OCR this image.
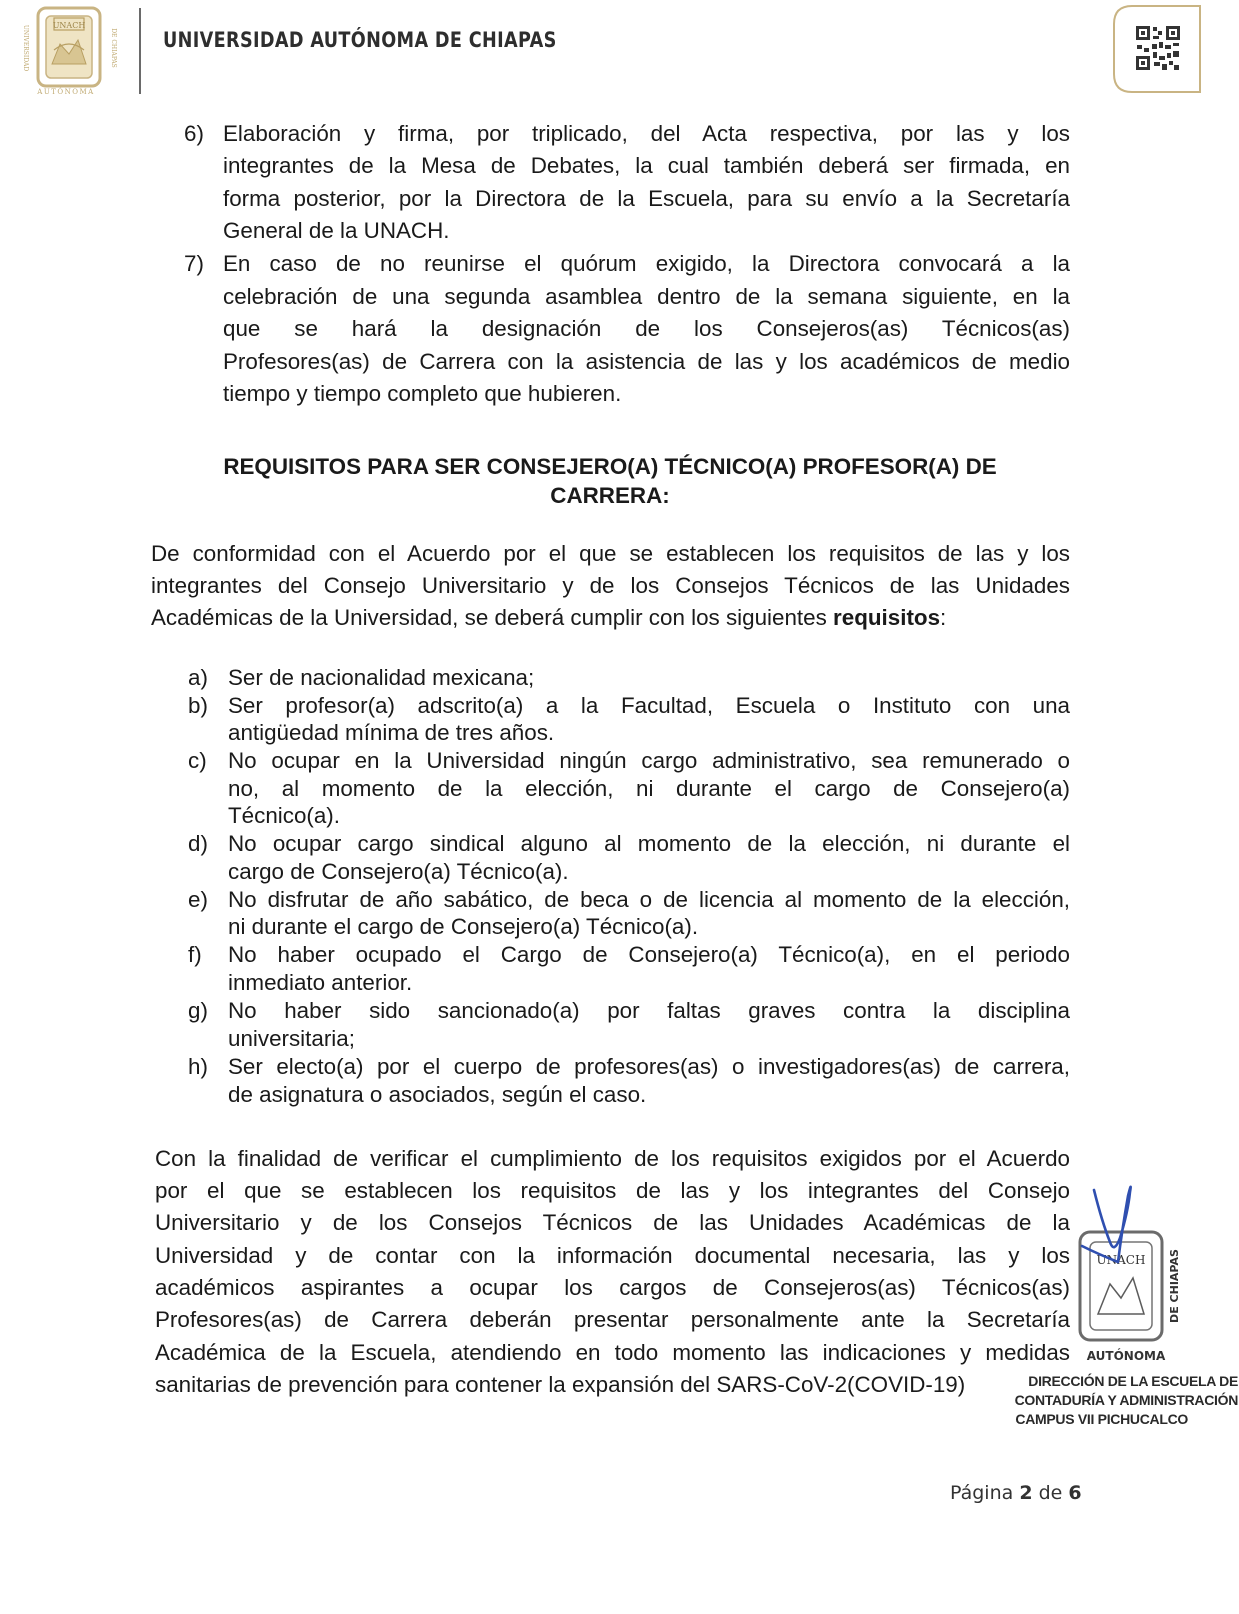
UNACH
UNIVERSIDAD	DE CHIAPAS
AUTÓNOMA
UNIVERSIDAD AUTÓNOMA DE CHIAPAS
6) Elaboración y firma, por triplicado, del Acta respectiva, por las y los
integrantes de la Mesa de Debates, la cual también deberá ser firmada, en
forma posterior, por la Directora de la Escuela, para su envío a la Secretaría
General de la UNACH.
7) En caso de no reunirse el quórum exigido, la Directora convocará a la
celebración de una segunda asamblea dentro de la semana siguiente, en la
que se hará la designación de los Consejeros(as) Técnicos(as)
Profesores(as) de Carrera con la asistencia de las y los académicos de medio
tiempo y tiempo completo que hubieren.
REQUISITOS PARA SER CONSEJERO(A) TÉCNICO(A) PROFESOR(A) DE
CARRERA:
De conformidad con el Acuerdo por el que se establecen los requisitos de las y los
integrantes del Consejo Universitario y de los Consejos Técnicos de las Unidades
Académicas de la Universidad, se deberá cumplir con los siguientes requisitos:
a) Ser de nacionalidad mexicana;
b) Ser profesor(a) adscrito(a) a la Facultad, Escuela o Instituto con una
antigüedad mínima de tres años.
c) No ocupar en la Universidad ningún cargo administrativo, sea remunerado o
no, al momento de la elección, ni durante el cargo de Consejero(a)
Técnico(a).
d) No ocupar cargo sindical alguno al momento de la elección, ni durante el
cargo de Consejero(a) Técnico(a).
e) No disfrutar de año sabático, de beca o de licencia al momento de la elección,
ni durante el cargo de Consejero(a) Técnico(a).
f) No haber ocupado el Cargo de Consejero(a) Técnico(a), en el periodo
inmediato anterior.
g) No haber sido sancionado(a) por faltas graves contra la disciplina
universitaria;
h) Ser electo(a) por el cuerpo de profesores(as) o investigadores(as) de carrera,
de asignatura o asociados, según el caso.
Con la finalidad de verificar el cumplimiento de los requisitos exigidos por el Acuerdo
por el que se establecen los requisitos de las y los integrantes del Consejo
Universitario y de los Consejos Técnicos de las Unidades Académicas de la
Universidad y de contar con la información documental necesaria, las y los
académicos aspirantes a ocupar los cargos de Consejeros(as) Técnicos(as)
Profesores(as) de Carrera deberán presentar personalmente ante la Secretaría
Académica de la Escuela, atendiendo en todo momento las indicaciones y medidas
sanitarias de prevención para contener la expansión del SARS-CoV-2(COVID-19)
UNACH DE CHIAPAS
AUTÓNOMA
DIRECCIÓN DE LA ESCUELA DE
CONTADURÍA Y ADMINISTRACIÓN
CAMPUS VII PICHUCALCO
Página 2 de 6
